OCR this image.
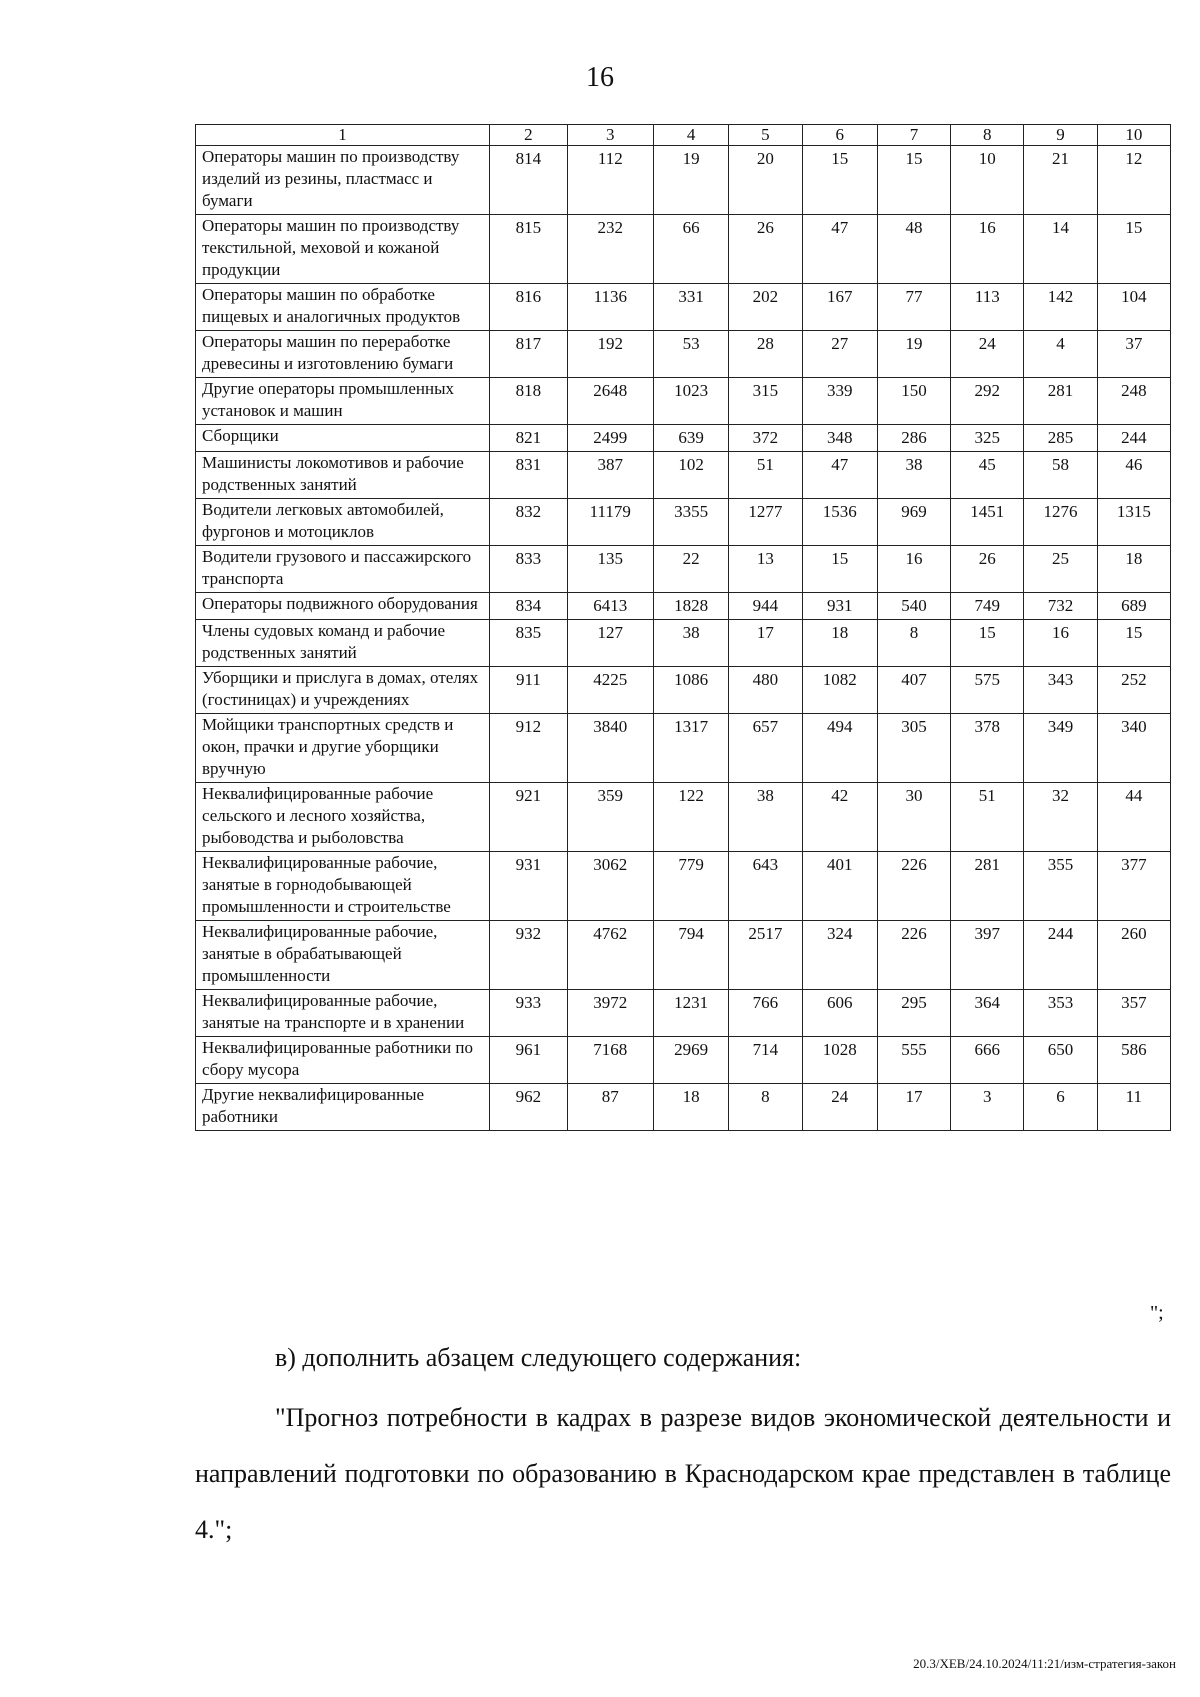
16
1	2	3	4	5	6	7	8	9	10
Операторы машин по производству изделий из резины, пластмасс и бумаги	814	112	19	20	15	15	10	21	12
Операторы машин по производству текстильной, меховой и кожаной продукции	815	232	66	26	47	48	16	14	15
Операторы машин по обработке пищевых и аналогичных продуктов	816	1136	331	202	167	77	113	142	104
Операторы машин по переработке древесины и изготовлению бумаги	817	192	53	28	27	19	24	4	37
Другие операторы промышленных установок и машин	818	2648	1023	315	339	150	292	281	248
Сборщики	821	2499	639	372	348	286	325	285	244
Машинисты локомотивов и рабочие родственных занятий	831	387	102	51	47	38	45	58	46
Водители легковых автомобилей, фургонов и мотоциклов	832	11179	3355	1277	1536	969	1451	1276	1315
Водители грузового и пассажирского транспорта	833	135	22	13	15	16	26	25	18
Операторы подвижного оборудования	834	6413	1828	944	931	540	749	732	689
Члены судовых команд и рабочие родственных занятий	835	127	38	17	18	8	15	16	15
Уборщики и прислуга в домах, отелях (гостиницах) и учреждениях	911	4225	1086	480	1082	407	575	343	252
Мойщики транспортных средств и окон, прачки и другие уборщики вручную	912	3840	1317	657	494	305	378	349	340
Неквалифицированные рабочие сельского и лесного хозяйства, рыбоводства и рыболовства	921	359	122	38	42	30	51	32	44
Неквалифицированные рабочие, занятые в горнодобывающей промышленности и строительстве	931	3062	779	643	401	226	281	355	377
Неквалифицированные рабочие, занятые в обрабатывающей промышленности	932	4762	794	2517	324	226	397	244	260
Неквалифицированные рабочие, занятые на транспорте и в хранении	933	3972	1231	766	606	295	364	353	357
Неквалифицированные работники по сбору мусора	961	7168	2969	714	1028	555	666	650	586
Другие неквалифицированные работники	962	87	18	8	24	17	3	6	11
";
в) дополнить абзацем следующего содержания:
"Прогноз потребности в кадрах в разрезе видов экономической деятельности и направлений подготовки по образованию в Краснодарском крае представлен в таблице 4.";
20.3/ХЕВ/24.10.2024/11:21/изм-стратегия-закон
